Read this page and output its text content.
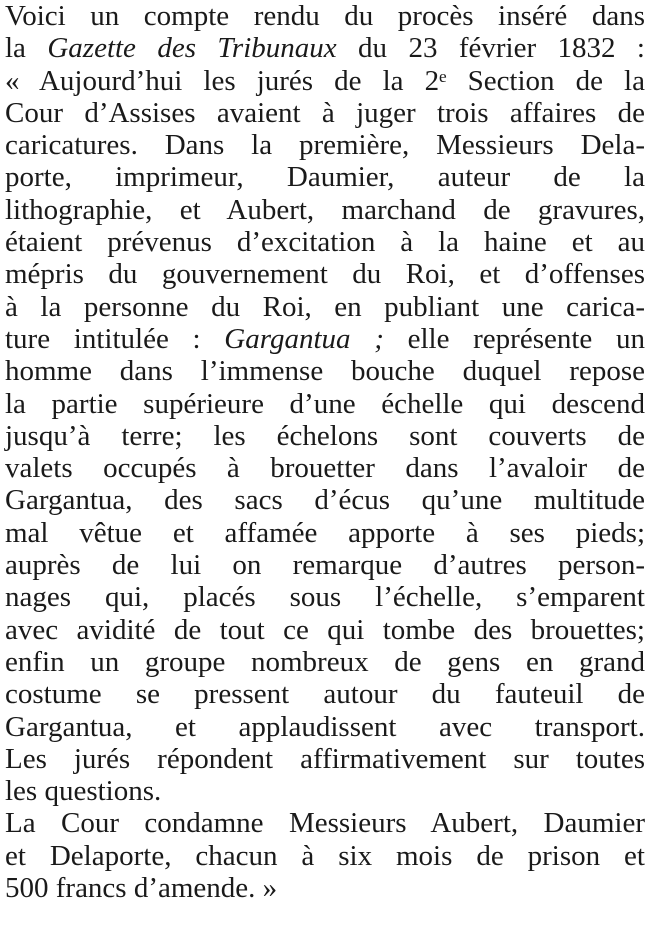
Voici un compte rendu du procès inséré dans
la Gazette des Tribunaux du 23 février 1832 :
« Aujourd’hui les jurés de la 2ᵉ Section de la
Cour d’Assises avaient à juger trois affaires de
caricatures. Dans la première, Messieurs Dela-
porte, imprimeur, Daumier, auteur de la
lithographie, et Aubert, marchand de gravures,
étaient prévenus d’excitation à la haine et au
mépris du gouvernement du Roi, et d’offenses
à la personne du Roi, en publiant une carica-
ture intitulée : Gargantua ; elle représente un
homme dans l’immense bouche duquel repose
la partie supérieure d’une échelle qui descend
jusqu’à terre; les échelons sont couverts de
valets occupés à brouetter dans l’avaloir de
Gargantua, des sacs d’écus qu’une multitude
mal vêtue et affamée apporte à ses pieds;
auprès de lui on remarque d’autres person-
nages qui, placés sous l’échelle, s’emparent
avec avidité de tout ce qui tombe des brouettes;
enfin un groupe nombreux de gens en grand
costume se pressent autour du fauteuil de
Gargantua, et applaudissent avec transport.
Les jurés répondent affirmativement sur toutes
les questions.
La Cour condamne Messieurs Aubert, Daumier
et Delaporte, chacun à six mois de prison et
500 francs d’amende. »
